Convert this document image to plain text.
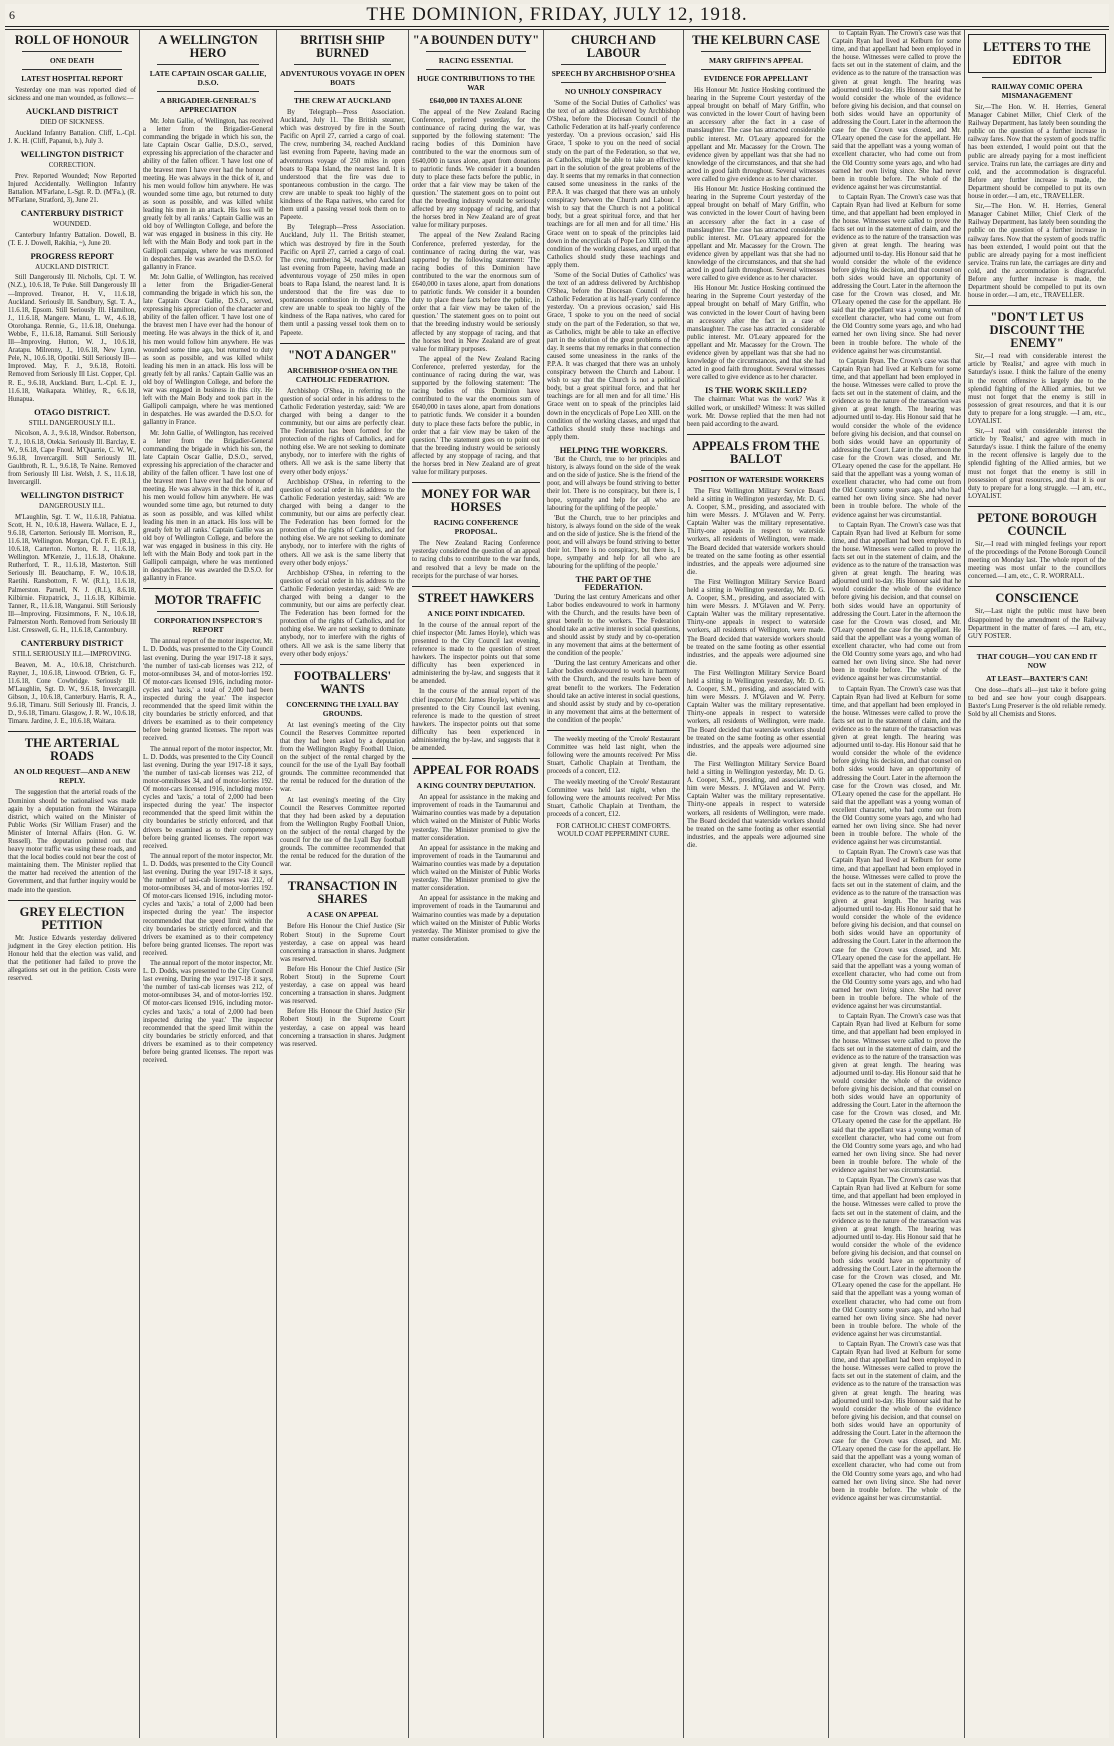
6	THE DOMINION, FRIDAY, JULY 12, 1918.
ROLL OF HONOUR
ONE DEATH
LATEST HOSPITAL REPORT
Yesterday one man was reported died of sickness and one man wounded, as follows:—
AUCKLAND DISTRICT
DIED OF SICKNESS.
Auckland Infantry Battalion. Cliff, L.-Cpl. J. K. H. (Cliff, Papanui, b.), July 3.
WELLINGTON DISTRICT
CORRECTION.
Prev. Reported Wounded; Now Reported Injured Accidentally. Wellington Infantry Battalion. M'Farlane, L-Sgt. R. D. (M'Fa.), (R. M'Farlane, Stratford, 3), June 21.
CANTERBURY DISTRICT
WOUNDED.
Canterbury Infantry Battalion. Dowell, B. (T. E. J. Dowell, Rakihia, ~), June 20.
PROGRESS REPORT
AUCKLAND DISTRICT.
Still Dangerously Ill. Nicholls, Cpl. T. W. (N.Z.), 10.6.18, Te Puke. Still Dangerously Ill—Improved. Treanor, H. V., 11.6.18, Auckland. Seriously Ill. Sandbury, Sgt. T. A., 11.6.18, Epsom. Still Seriously Ill. Hamilton, J., 11.6.18, Mangere. Manu, L. W., 4.6.18, Otorohanga. Rennie, G., 11.6.18, Onehunga. Webbe, F., 11.6.18, Ramanui. Still Seriously Ill—Improving. Hutton, W. J., 10.6.18, Aratapu. Milrenny, J., 10.6.18, New Lynn. Pele, N., 10.6.18, Opotiki. Still Seriously Ill—Improved. May, F. J., 9.6.18, Rotoiti. Removed from Seriously Ill List. Copper, Cpl. R. E., 9.6.18, Auckland. Burr, L.-Cpl. E. J., 11.6.18, Waikapata. Whitley, R., 6.6.18, Hunapua.
OTAGO DISTRICT.
STILL DANGEROUSLY ILL.
Nicolson, A. J., 9.6.18, Windsor. Robertson, T. J., 10.6.18, Otekia. Seriously Ill. Barclay, E. W., 9.6.18, Cape Fnoul. M'Quarrie, C. W. W., 9.6.18, Invercargill. Still Seriously Ill. Gaultbroth, R. L., 9.6.18, Te Naine. Removed from Seriously Ill List. Welsh, J. S., 11.6.18, Invercargill.
WELLINGTON DISTRICT
DANGEROUSLY ILL.
M'Laughlin, Sgt. T. W., 11.6.18, Pahiatua. Scott, H. N., 10.6.18, Hawera. Wallace, E. J., 9.6.18, Carterton. Seriously Ill. Morrison, R., 11.6.18, Wellington. Morgan, Cpl. F. E. (R.I.), 10.6.18, Carterton. Norton, R. J., 11.6.18, Wellington. M'Kenzie, J., 11.6.18, Ohakune. Rutherford, T. R., 11.6.18, Masterton. Still Seriously Ill. Beauchamp, F. W., 10.6.18, Raetihi. Ransbottom, F. W. (R.I.), 11.6.18, Palmerston. Parnell, N. J. (R.I.), 8.6.18, Kilbirnie. Fitzpatrick, J., 11.6.18, Kilbirnie. Tanner, R., 11.6.18, Wanganui. Still Seriously Ill—Improving. Fitzsimmons, F. N., 10.6.18, Palmerston North. Removed from Seriously Ill List. Cresswell, G. H., 11.6.18, Cantonbury.
CANTERBURY DISTRICT
STILL SERIOUSLY ILL—IMPROVING.
Beaven, M. A., 10.6.18, Christchurch. Rayner, J., 10.6.18, Linwood. O'Brien, G. F., 11.6.18, Cone Cowbridge. Seriously Ill. M'Laughlin, Sgt. D. W., 9.6.18, Invercargill. Gibson, J., 10.6.18, Canterbury. Harris, R. A., 9.6.18, Timaru. Still Seriously Ill. Francis, J. D., 9.6.18, Timaru. Glasgow, J. R. W., 10.6.18, Timaru. Jardine, J. E., 10.6.18, Waitara.
THE ARTERIAL ROADS
AN OLD REQUEST—AND A NEW REPLY.
The suggestion that the arterial roads of the Dominion should be nationalised was made again by a deputation from the Wairarapa district, which waited on the Minister of Public Works (Sir William Fraser) and the Minister of Internal Affairs (Hon. G. W. Russell). The deputation pointed out that heavy motor traffic was using these roads, and that the local bodies could not bear the cost of maintaining them. The Minister replied that the matter had received the attention of the Government, and that further inquiry would be made into the question.
GREY ELECTION PETITION
Mr. Justice Edwards yesterday delivered judgment in the Grey election petition. His Honour held that the election was valid, and that the petitioner had failed to prove the allegations set out in the petition. Costs were reserved.
A WELLINGTON HERO
LATE CAPTAIN OSCAR GALLIE, D.S.O.
A BRIGADIER-GENERAL'S APPRECIATION
Mr. John Gallie, of Wellington, has received a letter from the Brigadier-General commanding the brigade in which his son, the late Captain Oscar Gallie, D.S.O., served, expressing his appreciation of the character and ability of the fallen officer. 'I have lost one of the bravest men I have ever had the honour of meeting. He was always in the thick of it, and his men would follow him anywhere. He was wounded some time ago, but returned to duty as soon as possible, and was killed whilst leading his men in an attack. His loss will be greatly felt by all ranks.' Captain Gallie was an old boy of Wellington College, and before the war was engaged in business in this city. He left with the Main Body and took part in the Gallipoli campaign, where he was mentioned in despatches. He was awarded the D.S.O. for gallantry in France.
Mr. John Gallie, of Wellington, has received a letter from the Brigadier-General commanding the brigade in which his son, the late Captain Oscar Gallie, D.S.O., served, expressing his appreciation of the character and ability of the fallen officer. 'I have lost one of the bravest men I have ever had the honour of meeting. He was always in the thick of it, and his men would follow him anywhere. He was wounded some time ago, but returned to duty as soon as possible, and was killed whilst leading his men in an attack. His loss will be greatly felt by all ranks.' Captain Gallie was an old boy of Wellington College, and before the war was engaged in business in this city. He left with the Main Body and took part in the Gallipoli campaign, where he was mentioned in despatches. He was awarded the D.S.O. for gallantry in France.
Mr. John Gallie, of Wellington, has received a letter from the Brigadier-General commanding the brigade in which his son, the late Captain Oscar Gallie, D.S.O., served, expressing his appreciation of the character and ability of the fallen officer. 'I have lost one of the bravest men I have ever had the honour of meeting. He was always in the thick of it, and his men would follow him anywhere. He was wounded some time ago, but returned to duty as soon as possible, and was killed whilst leading his men in an attack. His loss will be greatly felt by all ranks.' Captain Gallie was an old boy of Wellington College, and before the war was engaged in business in this city. He left with the Main Body and took part in the Gallipoli campaign, where he was mentioned in despatches. He was awarded the D.S.O. for gallantry in France.
MOTOR TRAFFIC
CORPORATION INSPECTOR'S REPORT
The annual report of the motor inspector, Mr. L. D. Dodds, was presented to the City Council last evening. During the year 1917-18 it says, 'the number of taxi-cab licenses was 212, of motor-omnibuses 34, and of motor-lorries 192. Of motor-cars licensed 1916, including motor-cycles and 'taxis,' a total of 2,000 had been inspected during the year.' The inspector recommended that the speed limit within the city boundaries be strictly enforced, and that drivers be examined as to their competency before being granted licenses. The report was received.
The annual report of the motor inspector, Mr. L. D. Dodds, was presented to the City Council last evening. During the year 1917-18 it says, 'the number of taxi-cab licenses was 212, of motor-omnibuses 34, and of motor-lorries 192. Of motor-cars licensed 1916, including motor-cycles and 'taxis,' a total of 2,000 had been inspected during the year.' The inspector recommended that the speed limit within the city boundaries be strictly enforced, and that drivers be examined as to their competency before being granted licenses. The report was received.
The annual report of the motor inspector, Mr. L. D. Dodds, was presented to the City Council last evening. During the year 1917-18 it says, 'the number of taxi-cab licenses was 212, of motor-omnibuses 34, and of motor-lorries 192. Of motor-cars licensed 1916, including motor-cycles and 'taxis,' a total of 2,000 had been inspected during the year.' The inspector recommended that the speed limit within the city boundaries be strictly enforced, and that drivers be examined as to their competency before being granted licenses. The report was received.
The annual report of the motor inspector, Mr. L. D. Dodds, was presented to the City Council last evening. During the year 1917-18 it says, 'the number of taxi-cab licenses was 212, of motor-omnibuses 34, and of motor-lorries 192. Of motor-cars licensed 1916, including motor-cycles and 'taxis,' a total of 2,000 had been inspected during the year.' The inspector recommended that the speed limit within the city boundaries be strictly enforced, and that drivers be examined as to their competency before being granted licenses. The report was received.
BRITISH SHIP BURNED
ADVENTUROUS VOYAGE IN OPEN BOATS
THE CREW AT AUCKLAND
By Telegraph—Press Association. Auckland, July 11. The British steamer, which was destroyed by fire in the South Pacific on April 27, carried a cargo of coal. The crew, numbering 34, reached Auckland last evening from Papeete, having made an adventurous voyage of 250 miles in open boats to Rapa Island, the nearest land. It is understood that the fire was due to spontaneous combustion in the cargo. The crew are unable to speak too highly of the kindness of the Rapa natives, who cared for them until a passing vessel took them on to Papeete.
By Telegraph—Press Association. Auckland, July 11. The British steamer, which was destroyed by fire in the South Pacific on April 27, carried a cargo of coal. The crew, numbering 34, reached Auckland last evening from Papeete, having made an adventurous voyage of 250 miles in open boats to Rapa Island, the nearest land. It is understood that the fire was due to spontaneous combustion in the cargo. The crew are unable to speak too highly of the kindness of the Rapa natives, who cared for them until a passing vessel took them on to Papeete.
"NOT A DANGER"
ARCHBISHOP O'SHEA ON THE CATHOLIC FEDERATION.
Archbishop O'Shea, in referring to the question of social order in his address to the Catholic Federation yesterday, said: 'We are charged with being a danger to the community, but our aims are perfectly clear. The Federation has been formed for the protection of the rights of Catholics, and for nothing else. We are not seeking to dominate anybody, nor to interfere with the rights of others. All we ask is the same liberty that every other body enjoys.'
Archbishop O'Shea, in referring to the question of social order in his address to the Catholic Federation yesterday, said: 'We are charged with being a danger to the community, but our aims are perfectly clear. The Federation has been formed for the protection of the rights of Catholics, and for nothing else. We are not seeking to dominate anybody, nor to interfere with the rights of others. All we ask is the same liberty that every other body enjoys.'
Archbishop O'Shea, in referring to the question of social order in his address to the Catholic Federation yesterday, said: 'We are charged with being a danger to the community, but our aims are perfectly clear. The Federation has been formed for the protection of the rights of Catholics, and for nothing else. We are not seeking to dominate anybody, nor to interfere with the rights of others. All we ask is the same liberty that every other body enjoys.'
FOOTBALLERS' WANTS
CONCERNING THE LYALL BAY GROUNDS.
At last evening's meeting of the City Council the Reserves Committee reported that they had been asked by a deputation from the Wellington Rugby Football Union, on the subject of the rental charged by the council for the use of the Lyall Bay football grounds. The committee recommended that the rental be reduced for the duration of the war.
At last evening's meeting of the City Council the Reserves Committee reported that they had been asked by a deputation from the Wellington Rugby Football Union, on the subject of the rental charged by the council for the use of the Lyall Bay football grounds. The committee recommended that the rental be reduced for the duration of the war.
TRANSACTION IN SHARES
A CASE ON APPEAL
Before His Honour the Chief Justice (Sir Robert Stout) in the Supreme Court yesterday, a case on appeal was heard concerning a transaction in shares. Judgment was reserved.
Before His Honour the Chief Justice (Sir Robert Stout) in the Supreme Court yesterday, a case on appeal was heard concerning a transaction in shares. Judgment was reserved.
Before His Honour the Chief Justice (Sir Robert Stout) in the Supreme Court yesterday, a case on appeal was heard concerning a transaction in shares. Judgment was reserved.
"A BOUNDEN DUTY"
RACING ESSENTIAL
HUGE CONTRIBUTIONS TO THE WAR
£640,000 IN TAXES ALONE
The appeal of the New Zealand Racing Conference, preferred yesterday, for the continuance of racing during the war, was supported by the following statement: 'The racing bodies of this Dominion have contributed to the war the enormous sum of £640,000 in taxes alone, apart from donations to patriotic funds. We consider it a bounden duty to place these facts before the public, in order that a fair view may be taken of the question.' The statement goes on to point out that the breeding industry would be seriously affected by any stoppage of racing, and that the horses bred in New Zealand are of great value for military purposes.
The appeal of the New Zealand Racing Conference, preferred yesterday, for the continuance of racing during the war, was supported by the following statement: 'The racing bodies of this Dominion have contributed to the war the enormous sum of £640,000 in taxes alone, apart from donations to patriotic funds. We consider it a bounden duty to place these facts before the public, in order that a fair view may be taken of the question.' The statement goes on to point out that the breeding industry would be seriously affected by any stoppage of racing, and that the horses bred in New Zealand are of great value for military purposes.
The appeal of the New Zealand Racing Conference, preferred yesterday, for the continuance of racing during the war, was supported by the following statement: 'The racing bodies of this Dominion have contributed to the war the enormous sum of £640,000 in taxes alone, apart from donations to patriotic funds. We consider it a bounden duty to place these facts before the public, in order that a fair view may be taken of the question.' The statement goes on to point out that the breeding industry would be seriously affected by any stoppage of racing, and that the horses bred in New Zealand are of great value for military purposes.
MONEY FOR WAR HORSES
RACING CONFERENCE PROPOSAL.
The New Zealand Racing Conference yesterday considered the question of an appeal to racing clubs to contribute to the war funds, and resolved that a levy be made on the receipts for the purchase of war horses.
STREET HAWKERS
A NICE POINT INDICATED.
In the course of the annual report of the chief inspector (Mr. James Hoyle), which was presented to the City Council last evening, reference is made to the question of street hawkers. The inspector points out that some difficulty has been experienced in administering the by-law, and suggests that it be amended.
In the course of the annual report of the chief inspector (Mr. James Hoyle), which was presented to the City Council last evening, reference is made to the question of street hawkers. The inspector points out that some difficulty has been experienced in administering the by-law, and suggests that it be amended.
APPEAL FOR ROADS
A KING COUNTRY DEPUTATION.
An appeal for assistance in the making and improvement of roads in the Taumarunui and Waimarino counties was made by a deputation which waited on the Minister of Public Works yesterday. The Minister promised to give the matter consideration.
An appeal for assistance in the making and improvement of roads in the Taumarunui and Waimarino counties was made by a deputation which waited on the Minister of Public Works yesterday. The Minister promised to give the matter consideration.
An appeal for assistance in the making and improvement of roads in the Taumarunui and Waimarino counties was made by a deputation which waited on the Minister of Public Works yesterday. The Minister promised to give the matter consideration.
CHURCH AND LABOUR
SPEECH BY ARCHBISHOP O'SHEA
NO UNHOLY CONSPIRACY
'Some of the Social Duties of Catholics' was the text of an address delivered by Archbishop O'Shea, before the Diocesan Council of the Catholic Federation at its half-yearly conference yesterday. 'On a previous occasion,' said His Grace, 'I spoke to you on the need of social study on the part of the Federation, so that we, as Catholics, might be able to take an effective part in the solution of the great problems of the day. It seems that my remarks in that connection caused some uneasiness in the ranks of the P.P.A. It was charged that there was an unholy conspiracy between the Church and Labour. I wish to say that the Church is not a political body, but a great spiritual force, and that her teachings are for all men and for all time.' His Grace went on to speak of the principles laid down in the encyclicals of Pope Leo XIII. on the condition of the working classes, and urged that Catholics should study these teachings and apply them.
'Some of the Social Duties of Catholics' was the text of an address delivered by Archbishop O'Shea, before the Diocesan Council of the Catholic Federation at its half-yearly conference yesterday. 'On a previous occasion,' said His Grace, 'I spoke to you on the need of social study on the part of the Federation, so that we, as Catholics, might be able to take an effective part in the solution of the great problems of the day. It seems that my remarks in that connection caused some uneasiness in the ranks of the P.P.A. It was charged that there was an unholy conspiracy between the Church and Labour. I wish to say that the Church is not a political body, but a great spiritual force, and that her teachings are for all men and for all time.' His Grace went on to speak of the principles laid down in the encyclicals of Pope Leo XIII. on the condition of the working classes, and urged that Catholics should study these teachings and apply them.
HELPING THE WORKERS.
'But the Church, true to her principles and history, is always found on the side of the weak and on the side of justice. She is the friend of the poor, and will always be found striving to better their lot. There is no conspiracy, but there is, I hope, sympathy and help for all who are labouring for the uplifting of the people.'
'But the Church, true to her principles and history, is always found on the side of the weak and on the side of justice. She is the friend of the poor, and will always be found striving to better their lot. There is no conspiracy, but there is, I hope, sympathy and help for all who are labouring for the uplifting of the people.'
THE PART OF THE FEDERATION.
'During the last century Americans and other Labor bodies endeavoured to work in harmony with the Church, and the results have been of great benefit to the workers. The Federation should take an active interest in social questions, and should assist by study and by co-operation in any movement that aims at the betterment of the condition of the people.'
'During the last century Americans and other Labor bodies endeavoured to work in harmony with the Church, and the results have been of great benefit to the workers. The Federation should take an active interest in social questions, and should assist by study and by co-operation in any movement that aims at the betterment of the condition of the people.'
The weekly meeting of the 'Creole' Restaurant Committee was held last night, when the following were the amounts received: Per Miss Stuart, Catholic Chaplain at Trentham, the proceeds of a concert, £12.
The weekly meeting of the 'Creole' Restaurant Committee was held last night, when the following were the amounts received: Per Miss Stuart, Catholic Chaplain at Trentham, the proceeds of a concert, £12.
FOR CATHOLIC CHEST COMFORTS. WOULD COAT PEPPERMINT CURE.
THE KELBURN CASE
MARY GRIFFIN'S APPEAL
EVIDENCE FOR APPELLANT
His Honour Mr. Justice Hosking continued the hearing in the Supreme Court yesterday of the appeal brought on behalf of Mary Griffin, who was convicted in the lower Court of having been an accessory after the fact in a case of manslaughter. The case has attracted considerable public interest. Mr. O'Leary appeared for the appellant and Mr. Macassey for the Crown. The evidence given by appellant was that she had no knowledge of the circumstances, and that she had acted in good faith throughout. Several witnesses were called to give evidence as to her character.
His Honour Mr. Justice Hosking continued the hearing in the Supreme Court yesterday of the appeal brought on behalf of Mary Griffin, who was convicted in the lower Court of having been an accessory after the fact in a case of manslaughter. The case has attracted considerable public interest. Mr. O'Leary appeared for the appellant and Mr. Macassey for the Crown. The evidence given by appellant was that she had no knowledge of the circumstances, and that she had acted in good faith throughout. Several witnesses were called to give evidence as to her character.
His Honour Mr. Justice Hosking continued the hearing in the Supreme Court yesterday of the appeal brought on behalf of Mary Griffin, who was convicted in the lower Court of having been an accessory after the fact in a case of manslaughter. The case has attracted considerable public interest. Mr. O'Leary appeared for the appellant and Mr. Macassey for the Crown. The evidence given by appellant was that she had no knowledge of the circumstances, and that she had acted in good faith throughout. Several witnesses were called to give evidence as to her character.
IS THE WORK SKILLED?
The chairman: What was the work? Was it skilled work, or unskilled? Witness: It was skilled work. Mr. Dowse replied that the men had not been paid according to the award.
APPEALS FROM THE BALLOT
POSITION OF WATERSIDE WORKERS
The First Wellington Military Service Board held a sitting in Wellington yesterday, Mr. D. G. A. Cooper, S.M., presiding, and associated with him were Messrs. J. M'Glaven and W. Perry. Captain Walter was the military representative. Thirty-one appeals in respect to waterside workers, all residents of Wellington, were made. The Board decided that waterside workers should be treated on the same footing as other essential industries, and the appeals were adjourned sine die.
The First Wellington Military Service Board held a sitting in Wellington yesterday, Mr. D. G. A. Cooper, S.M., presiding, and associated with him were Messrs. J. M'Glaven and W. Perry. Captain Walter was the military representative. Thirty-one appeals in respect to waterside workers, all residents of Wellington, were made. The Board decided that waterside workers should be treated on the same footing as other essential industries, and the appeals were adjourned sine die.
The First Wellington Military Service Board held a sitting in Wellington yesterday, Mr. D. G. A. Cooper, S.M., presiding, and associated with him were Messrs. J. M'Glaven and W. Perry. Captain Walter was the military representative. Thirty-one appeals in respect to waterside workers, all residents of Wellington, were made. The Board decided that waterside workers should be treated on the same footing as other essential industries, and the appeals were adjourned sine die.
The First Wellington Military Service Board held a sitting in Wellington yesterday, Mr. D. G. A. Cooper, S.M., presiding, and associated with him were Messrs. J. M'Glaven and W. Perry. Captain Walter was the military representative. Thirty-one appeals in respect to waterside workers, all residents of Wellington, were made. The Board decided that waterside workers should be treated on the same footing as other essential industries, and the appeals were adjourned sine die.
to Captain Ryan. The Crown's case was that Captain Ryan had lived at Kelburn for some time, and that appellant had been employed in the house. Witnesses were called to prove the facts set out in the statement of claim, and the evidence as to the nature of the transaction was given at great length. The hearing was adjourned until to-day. His Honour said that he would consider the whole of the evidence before giving his decision, and that counsel on both sides would have an opportunity of addressing the Court. Later in the afternoon the case for the Crown was closed, and Mr. O'Leary opened the case for the appellant. He said that the appellant was a young woman of excellent character, who had come out from the Old Country some years ago, and who had earned her own living since. She had never been in trouble before. The whole of the evidence against her was circumstantial.
to Captain Ryan. The Crown's case was that Captain Ryan had lived at Kelburn for some time, and that appellant had been employed in the house. Witnesses were called to prove the facts set out in the statement of claim, and the evidence as to the nature of the transaction was given at great length. The hearing was adjourned until to-day. His Honour said that he would consider the whole of the evidence before giving his decision, and that counsel on both sides would have an opportunity of addressing the Court. Later in the afternoon the case for the Crown was closed, and Mr. O'Leary opened the case for the appellant. He said that the appellant was a young woman of excellent character, who had come out from the Old Country some years ago, and who had earned her own living since. She had never been in trouble before. The whole of the evidence against her was circumstantial.
to Captain Ryan. The Crown's case was that Captain Ryan had lived at Kelburn for some time, and that appellant had been employed in the house. Witnesses were called to prove the facts set out in the statement of claim, and the evidence as to the nature of the transaction was given at great length. The hearing was adjourned until to-day. His Honour said that he would consider the whole of the evidence before giving his decision, and that counsel on both sides would have an opportunity of addressing the Court. Later in the afternoon the case for the Crown was closed, and Mr. O'Leary opened the case for the appellant. He said that the appellant was a young woman of excellent character, who had come out from the Old Country some years ago, and who had earned her own living since. She had never been in trouble before. The whole of the evidence against her was circumstantial.
to Captain Ryan. The Crown's case was that Captain Ryan had lived at Kelburn for some time, and that appellant had been employed in the house. Witnesses were called to prove the facts set out in the statement of claim, and the evidence as to the nature of the transaction was given at great length. The hearing was adjourned until to-day. His Honour said that he would consider the whole of the evidence before giving his decision, and that counsel on both sides would have an opportunity of addressing the Court. Later in the afternoon the case for the Crown was closed, and Mr. O'Leary opened the case for the appellant. He said that the appellant was a young woman of excellent character, who had come out from the Old Country some years ago, and who had earned her own living since. She had never been in trouble before. The whole of the evidence against her was circumstantial.
to Captain Ryan. The Crown's case was that Captain Ryan had lived at Kelburn for some time, and that appellant had been employed in the house. Witnesses were called to prove the facts set out in the statement of claim, and the evidence as to the nature of the transaction was given at great length. The hearing was adjourned until to-day. His Honour said that he would consider the whole of the evidence before giving his decision, and that counsel on both sides would have an opportunity of addressing the Court. Later in the afternoon the case for the Crown was closed, and Mr. O'Leary opened the case for the appellant. He said that the appellant was a young woman of excellent character, who had come out from the Old Country some years ago, and who had earned her own living since. She had never been in trouble before. The whole of the evidence against her was circumstantial.
to Captain Ryan. The Crown's case was that Captain Ryan had lived at Kelburn for some time, and that appellant had been employed in the house. Witnesses were called to prove the facts set out in the statement of claim, and the evidence as to the nature of the transaction was given at great length. The hearing was adjourned until to-day. His Honour said that he would consider the whole of the evidence before giving his decision, and that counsel on both sides would have an opportunity of addressing the Court. Later in the afternoon the case for the Crown was closed, and Mr. O'Leary opened the case for the appellant. He said that the appellant was a young woman of excellent character, who had come out from the Old Country some years ago, and who had earned her own living since. She had never been in trouble before. The whole of the evidence against her was circumstantial.
to Captain Ryan. The Crown's case was that Captain Ryan had lived at Kelburn for some time, and that appellant had been employed in the house. Witnesses were called to prove the facts set out in the statement of claim, and the evidence as to the nature of the transaction was given at great length. The hearing was adjourned until to-day. His Honour said that he would consider the whole of the evidence before giving his decision, and that counsel on both sides would have an opportunity of addressing the Court. Later in the afternoon the case for the Crown was closed, and Mr. O'Leary opened the case for the appellant. He said that the appellant was a young woman of excellent character, who had come out from the Old Country some years ago, and who had earned her own living since. She had never been in trouble before. The whole of the evidence against her was circumstantial.
to Captain Ryan. The Crown's case was that Captain Ryan had lived at Kelburn for some time, and that appellant had been employed in the house. Witnesses were called to prove the facts set out in the statement of claim, and the evidence as to the nature of the transaction was given at great length. The hearing was adjourned until to-day. His Honour said that he would consider the whole of the evidence before giving his decision, and that counsel on both sides would have an opportunity of addressing the Court. Later in the afternoon the case for the Crown was closed, and Mr. O'Leary opened the case for the appellant. He said that the appellant was a young woman of excellent character, who had come out from the Old Country some years ago, and who had earned her own living since. She had never been in trouble before. The whole of the evidence against her was circumstantial.
to Captain Ryan. The Crown's case was that Captain Ryan had lived at Kelburn for some time, and that appellant had been employed in the house. Witnesses were called to prove the facts set out in the statement of claim, and the evidence as to the nature of the transaction was given at great length. The hearing was adjourned until to-day. His Honour said that he would consider the whole of the evidence before giving his decision, and that counsel on both sides would have an opportunity of addressing the Court. Later in the afternoon the case for the Crown was closed, and Mr. O'Leary opened the case for the appellant. He said that the appellant was a young woman of excellent character, who had come out from the Old Country some years ago, and who had earned her own living since. She had never been in trouble before. The whole of the evidence against her was circumstantial.
LETTERS TO THE EDITOR
RAILWAY COMIC OPERA MISMANAGEMENT
Sir,—The Hon. W. H. Herries, General Manager Cabinet Miller, Chief Clerk of the Railway Department, has lately been sounding the public on the question of a further increase in railway fares. Now that the system of goods traffic has been extended, I would point out that the public are already paying for a most inefficient service. Trains run late, the carriages are dirty and cold, and the accommodation is disgraceful. Before any further increase is made, the Department should be compelled to put its own house in order.—I am, etc., TRAVELLER.
Sir,—The Hon. W. H. Herries, General Manager Cabinet Miller, Chief Clerk of the Railway Department, has lately been sounding the public on the question of a further increase in railway fares. Now that the system of goods traffic has been extended, I would point out that the public are already paying for a most inefficient service. Trains run late, the carriages are dirty and cold, and the accommodation is disgraceful. Before any further increase is made, the Department should be compelled to put its own house in order.—I am, etc., TRAVELLER.
"DON'T LET US DISCOUNT THE ENEMY"
Sir,—I read with considerable interest the article by 'Realist,' and agree with much in Saturday's issue. I think the failure of the enemy in the recent offensive is largely due to the splendid fighting of the Allied armies, but we must not forget that the enemy is still in possession of great resources, and that it is our duty to prepare for a long struggle. —I am, etc., LOYALIST.
Sir,—I read with considerable interest the article by 'Realist,' and agree with much in Saturday's issue. I think the failure of the enemy in the recent offensive is largely due to the splendid fighting of the Allied armies, but we must not forget that the enemy is still in possession of great resources, and that it is our duty to prepare for a long struggle. —I am, etc., LOYALIST.
PETONE BOROUGH COUNCIL
Sir,—I read with mingled feelings your report of the proceedings of the Petone Borough Council meeting on Monday last. The whole report of the meeting was most unfair to the councillors concerned.—I am, etc., C. R. WORRALL.
CONSCIENCE
Sir,—Last night the public must have been disappointed by the amendment of the Railway Department in the matter of fares. —I am, etc., GUY FOSTER.
THAT COUGH—YOU CAN END IT NOW
AT LEAST—BAXTER'S CAN!
One dose—that's all—just take it before going to bed and see how your cough disappears. Baxter's Lung Preserver is the old reliable remedy. Sold by all Chemists and Stores.
